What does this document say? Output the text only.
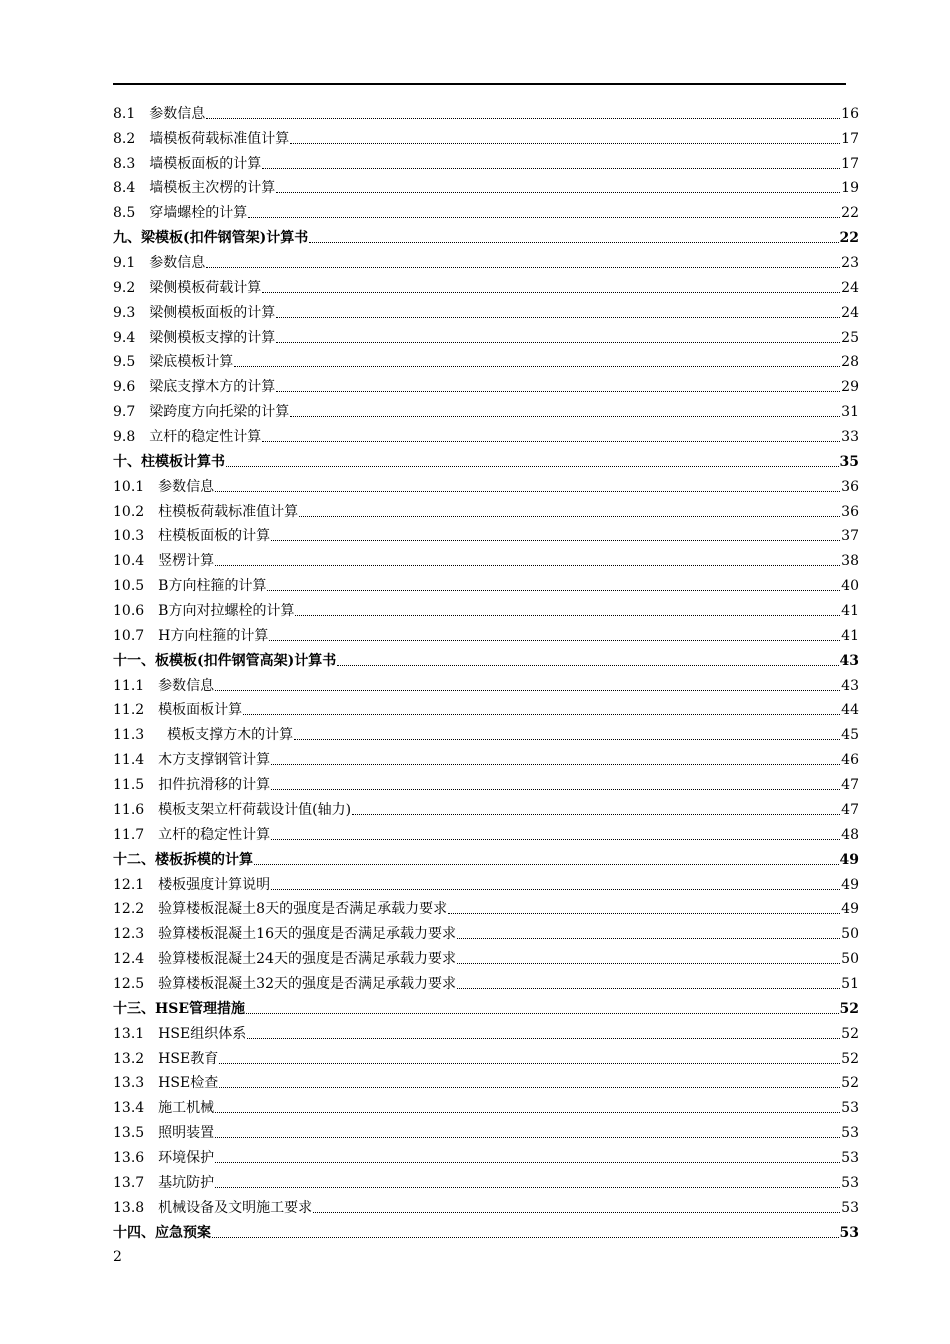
8.1 参数信息	16
8.2 墙模板荷载标准值计算	17
8.3 墙模板面板的计算	17
8.4 墙模板主次楞的计算	19
8.5 穿墙螺栓的计算	22
九、梁模板(扣件钢管架)计算书	22
9.1 参数信息	23
9.2 梁侧模板荷载计算	24
9.3 梁侧模板面板的计算	24
9.4 梁侧模板支撑的计算	25
9.5 梁底模板计算	28
9.6 梁底支撑木方的计算	29
9.7 梁跨度方向托梁的计算	31
9.8 立杆的稳定性计算	33
十、柱模板计算书	35
10.1 参数信息	36
10.2 柱模板荷载标准值计算	36
10.3 柱模板面板的计算	37
10.4 竖楞计算	38
10.5 B方向柱箍的计算	40
10.6 B方向对拉螺栓的计算	41
10.7 H方向柱箍的计算	41
十一、板模板(扣件钢管高架)计算书	43
11.1 参数信息	43
11.2 模板面板计算	44
11.3 模板支撑方木的计算	45
11.4 木方支撑钢管计算	46
11.5 扣件抗滑移的计算	47
11.6 模板支架立杆荷载设计值(轴力)	47
11.7 立杆的稳定性计算	48
十二、楼板拆模的计算	49
12.1 楼板强度计算说明	49
12.2 验算楼板混凝土8天的强度是否满足承载力要求	49
12.3 验算楼板混凝土16天的强度是否满足承载力要求	50
12.4 验算楼板混凝土24天的强度是否满足承载力要求	50
12.5 验算楼板混凝土32天的强度是否满足承载力要求	51
十三、HSE管理措施	52
13.1 HSE组织体系	52
13.2 HSE教育	52
13.3 HSE检查	52
13.4 施工机械	53
13.5 照明装置	53
13.6 环境保护	53
13.7 基坑防护	53
13.8 机械设备及文明施工要求	53
十四、应急预案	53
2
